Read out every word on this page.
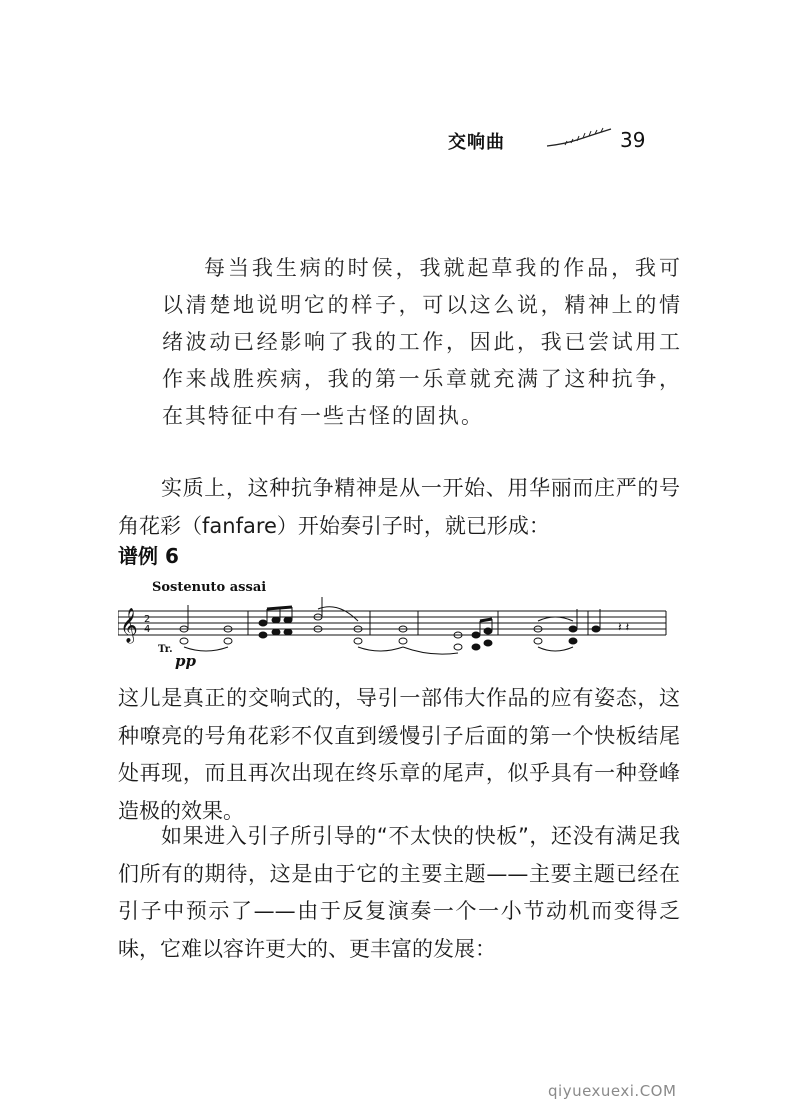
交响曲	39

每当我生病的时侯，我就起草我的作品，我可以清楚地说明它的样子，可以这么说，精神上的情绪波动已经影响了我的工作，因此，我已尝试用工作来战胜疾病，我的第一乐章就充满了这种抗争，在其特征中有一些古怪的固执。

实质上，这种抗争精神是从一开始、用华丽而庄严的号角花彩（fanfare）开始奏引子时，就已形成：

谱例 6
Sostenuto assai
𝄞 2
4	𝄽 𝄽
Tr.
pp

这儿是真正的交响式的，导引一部伟大作品的应有姿态，这种嘹亮的号角花彩不仅直到缓慢引子后面的第一个快板结尾处再现，而且再次出现在终乐章的尾声，似乎具有一种登峰造极的效果。

如果进入引子所引导的“不太快的快板”，还没有满足我们所有的期待，这是由于它的主要主题——主要主题已经在引子中预示了——由于反复演奏一个一小节动机而变得乏味，它难以容许更大的、更丰富的发展：

qiyuexuexi.COM
